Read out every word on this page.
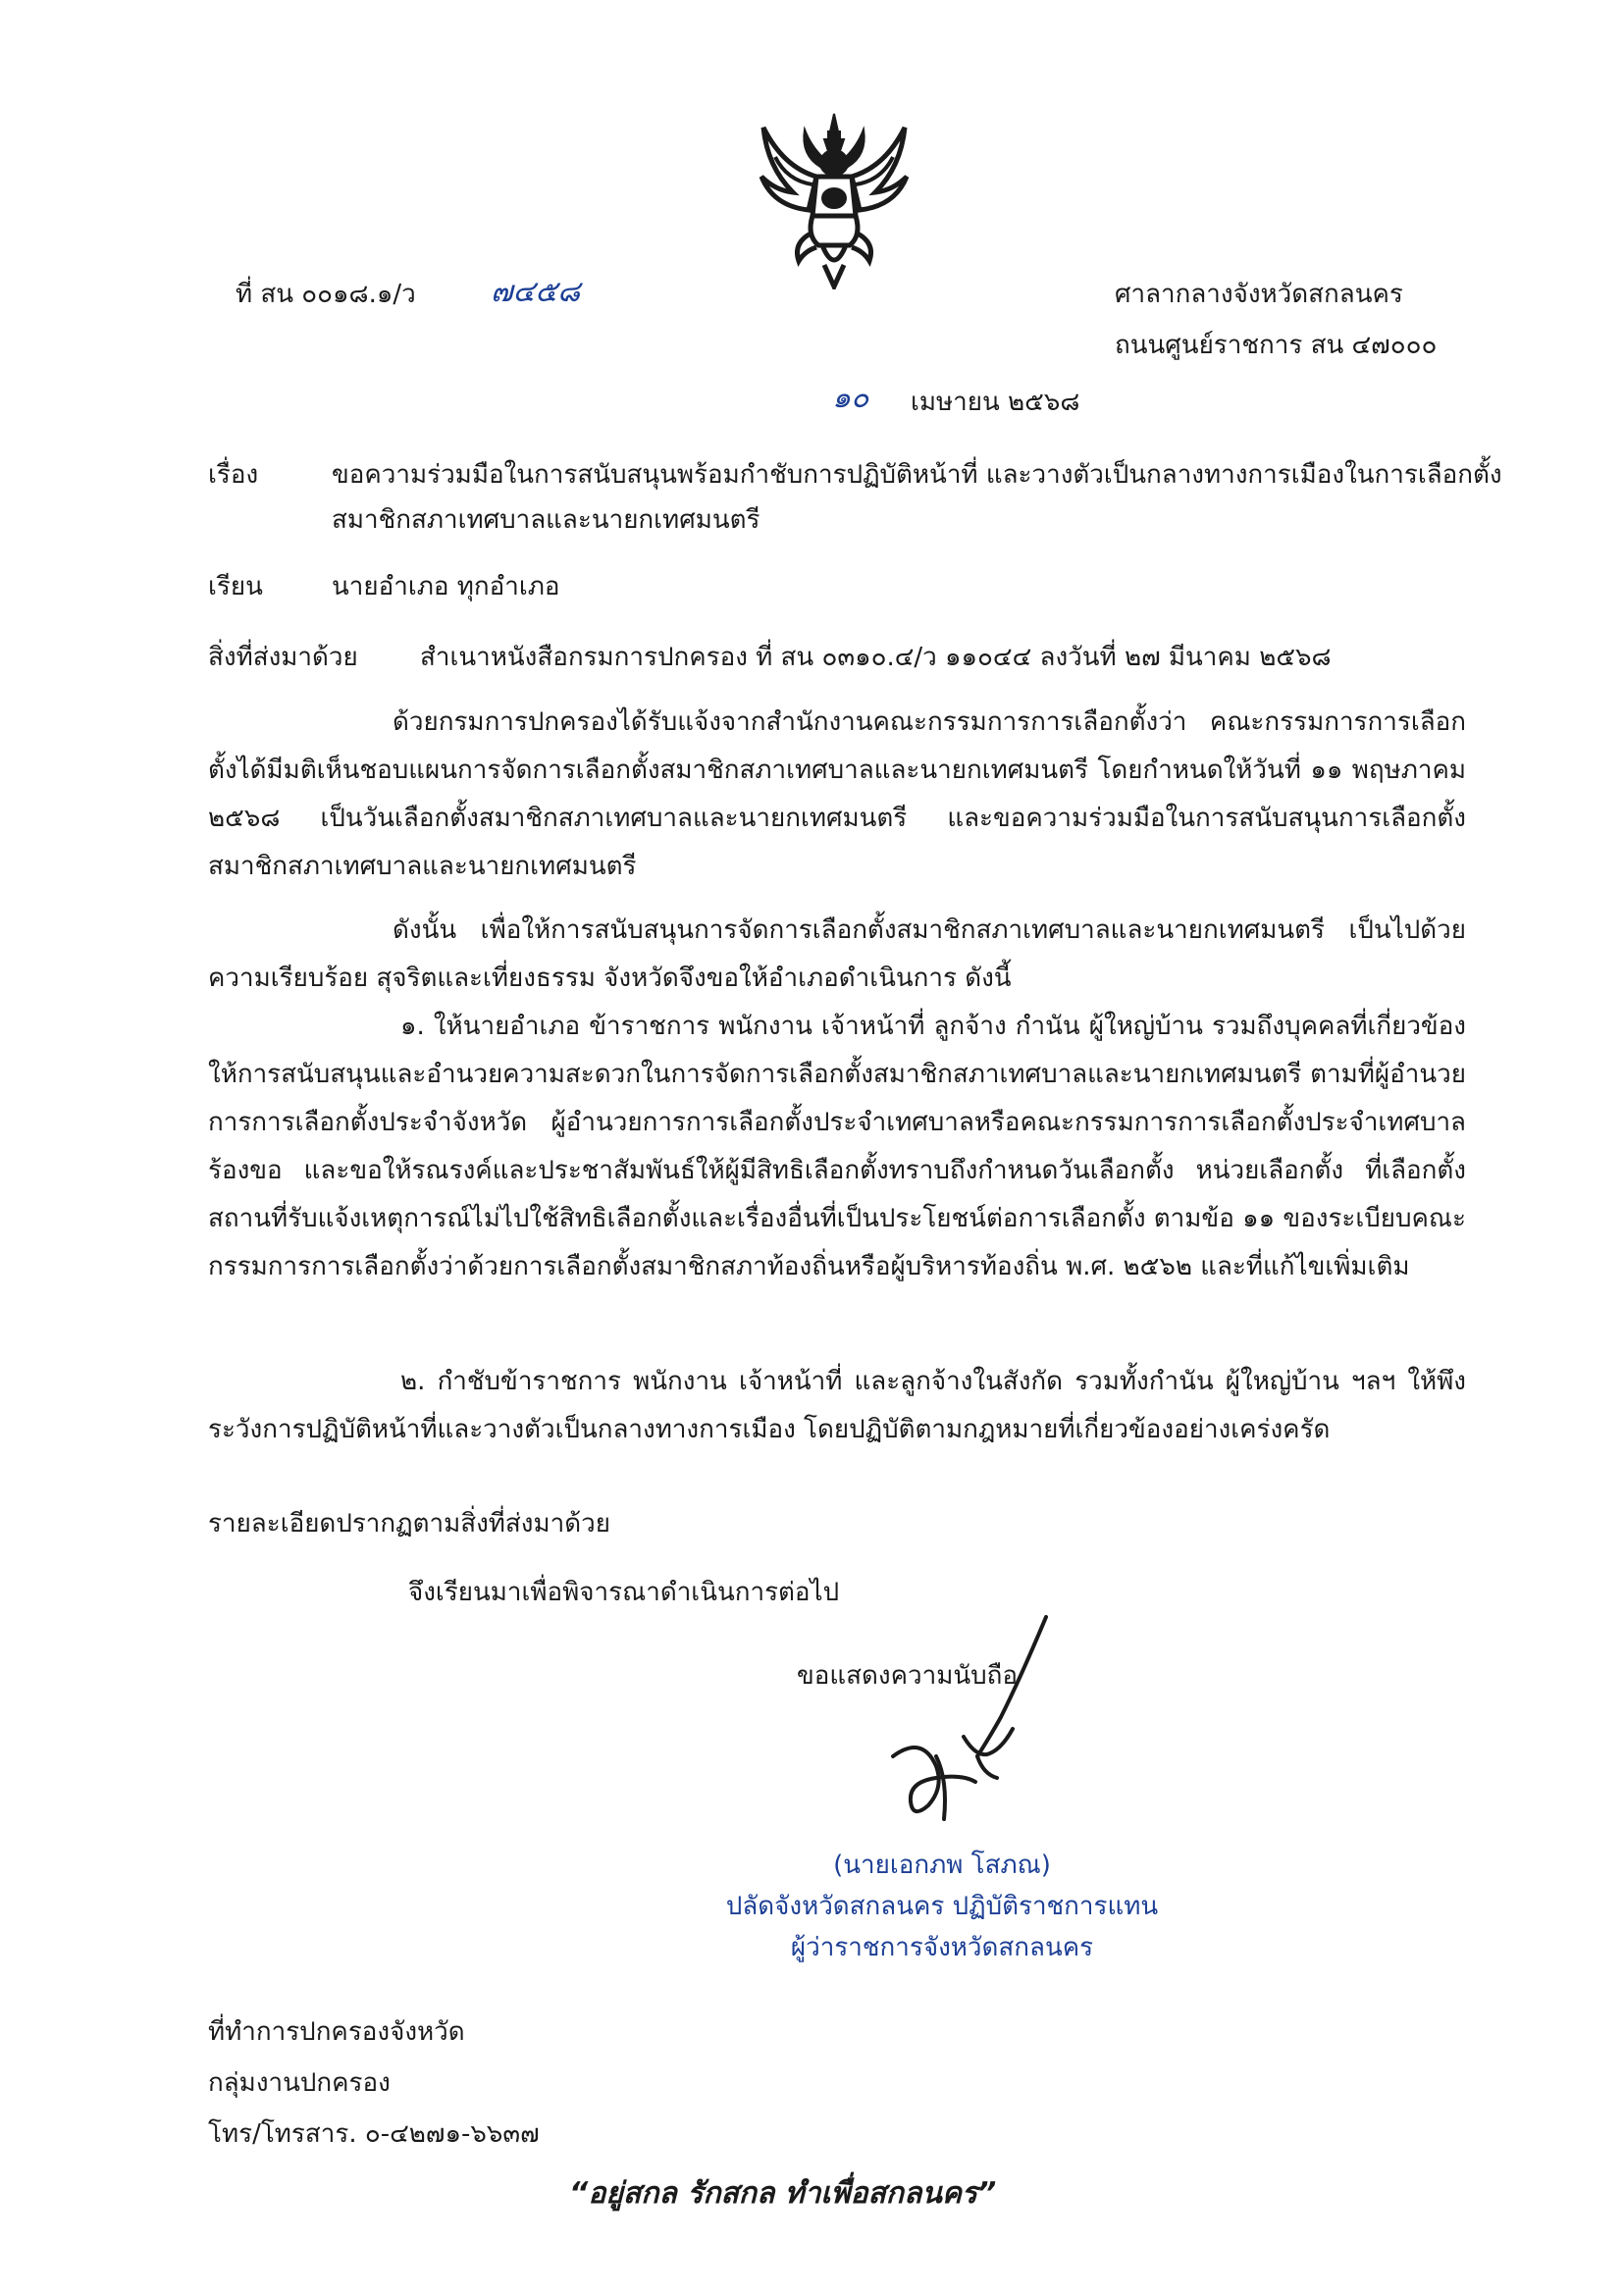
ที่ สน ๐๐๑๘.๑/ว	๗๔๕๘	ศาลากลางจังหวัดสกลนคร
ถนนศูนย์ราชการ สน ๔๗๐๐๐
๑๐ เมษายน ๒๕๖๘
เรื่อง	ขอความร่วมมือในการสนับสนุนพร้อมกำชับการปฏิบัติหน้าที่ และวางตัวเป็นกลางทางการเมืองในการเลือกตั้ง
สมาชิกสภาเทศบาลและนายกเทศมนตรี
เรียน	นายอำเภอ ทุกอำเภอ
สิ่งที่ส่งมาด้วย สำเนาหนังสือกรมการปกครอง ที่ สน ๐๓๑๐.๔/ว ๑๑๐๔๔ ลงวันที่ ๒๗ มีนาคม ๒๕๖๘

ด้วยกรมการปกครองได้รับแจ้งจากสำนักงานคณะกรรมการการเลือกตั้งว่า คณะกรรมการการเลือกตั้งได้มีมติเห็นชอบแผนการจัดการเลือกตั้งสมาชิกสภาเทศบาลและนายกเทศมนตรี โดยกำหนดให้วันที่ ๑๑ พฤษภาคม ๒๕๖๘ เป็นวันเลือกตั้งสมาชิกสภาเทศบาลและนายกเทศมนตรี และขอความร่วมมือในการสนับสนุนการเลือกตั้งสมาชิกสภาเทศบาลและนายกเทศมนตรี

ดังนั้น เพื่อให้การสนับสนุนการจัดการเลือกตั้งสมาชิกสภาเทศบาลและนายกเทศมนตรี เป็นไปด้วยความเรียบร้อย สุจริตและเที่ยงธรรม จังหวัดจึงขอให้อำเภอดำเนินการ ดังนี้

๑. ให้นายอำเภอ ข้าราชการ พนักงาน เจ้าหน้าที่ ลูกจ้าง กำนัน ผู้ใหญ่บ้าน รวมถึงบุคคลที่เกี่ยวข้อง ให้การสนับสนุนและอำนวยความสะดวกในการจัดการเลือกตั้งสมาชิกสภาเทศบาลและนายกเทศมนตรี ตามที่ผู้อำนวยการการเลือกตั้งประจำจังหวัด ผู้อำนวยการการเลือกตั้งประจำเทศบาลหรือคณะกรรมการการเลือกตั้งประจำเทศบาลร้องขอ และขอให้รณรงค์และประชาสัมพันธ์ให้ผู้มีสิทธิเลือกตั้งทราบถึงกำหนดวันเลือกตั้ง หน่วยเลือกตั้ง ที่เลือกตั้ง สถานที่รับแจ้งเหตุการณ์ไม่ไปใช้สิทธิเลือกตั้งและเรื่องอื่นที่เป็นประโยชน์ต่อการเลือกตั้ง ตามข้อ ๑๑ ของระเบียบคณะกรรมการการเลือกตั้งว่าด้วยการเลือกตั้งสมาชิกสภาท้องถิ่นหรือผู้บริหารท้องถิ่น พ.ศ. ๒๕๖๒ และที่แก้ไขเพิ่มเติม

๒. กำชับข้าราชการ พนักงาน เจ้าหน้าที่ และลูกจ้างในสังกัด รวมทั้งกำนัน ผู้ใหญ่บ้าน ฯลฯ ให้พึงระวังการปฏิบัติหน้าที่และวางตัวเป็นกลางทางการเมือง โดยปฏิบัติตามกฎหมายที่เกี่ยวข้องอย่างเคร่งครัด

รายละเอียดปรากฏตามสิ่งที่ส่งมาด้วย
จึงเรียนมาเพื่อพิจารณาดำเนินการต่อไป
ขอแสดงความนับถือ
(นายเอกภพ โสภณ)
ปลัดจังหวัดสกลนคร ปฏิบัติราชการแทน
ผู้ว่าราชการจังหวัดสกลนคร
ที่ทำการปกครองจังหวัด
กลุ่มงานปกครอง
โทร/โทรสาร. ๐-๔๒๗๑-๖๖๓๗
“อยู่สกล รักสกล ทำเพื่อสกลนคร”
